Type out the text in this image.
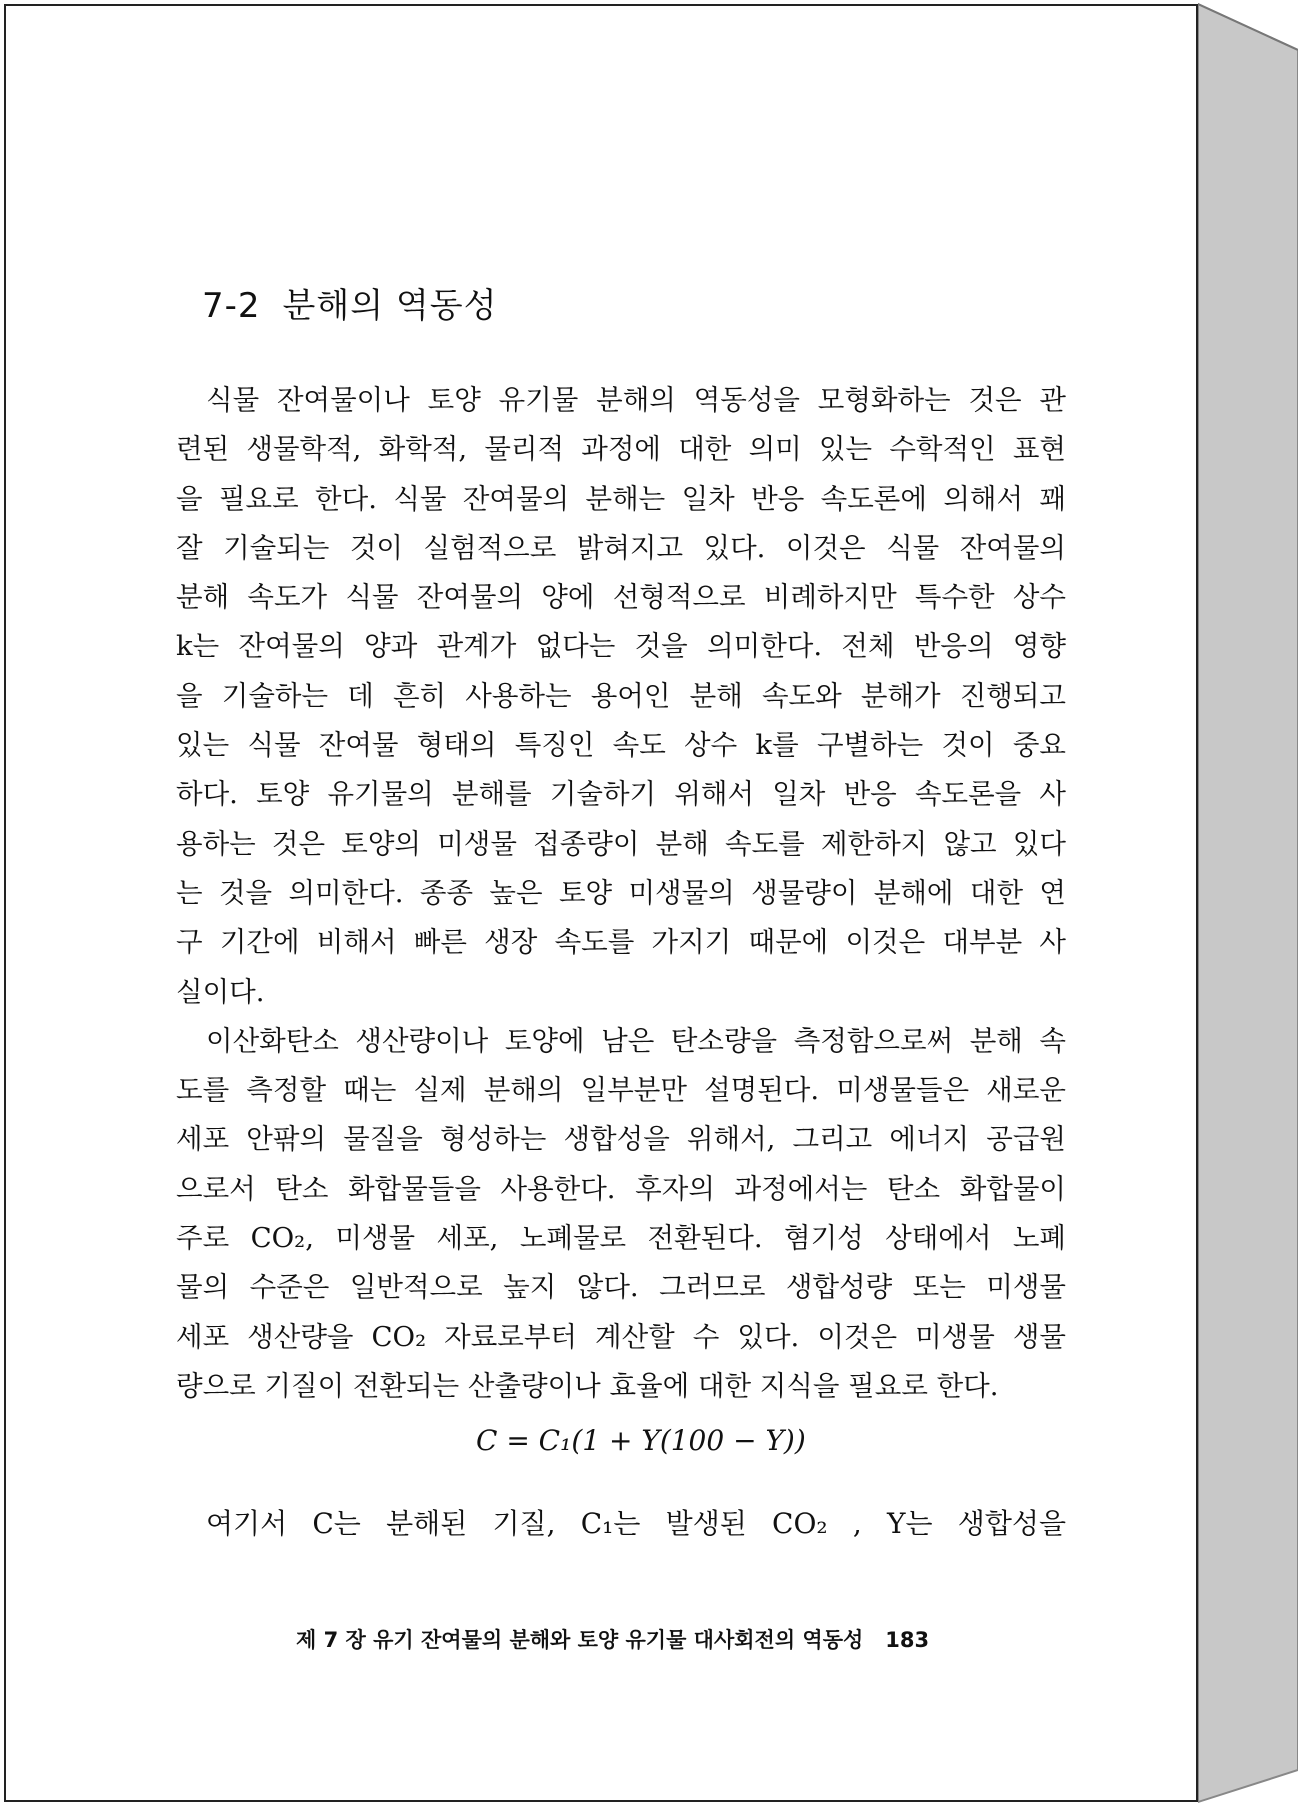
7-2 분해의 역동성
식물 잔여물이나 토양 유기물 분해의 역동성을 모형화하는 것은 관
련된 생물학적, 화학적, 물리적 과정에 대한 의미 있는 수학적인 표현
을 필요로 한다. 식물 잔여물의 분해는 일차 반응 속도론에 의해서 꽤
잘 기술되는 것이 실험적으로 밝혀지고 있다. 이것은 식물 잔여물의
분해 속도가 식물 잔여물의 양에 선형적으로 비례하지만 특수한 상수
k는 잔여물의 양과 관계가 없다는 것을 의미한다. 전체 반응의 영향
을 기술하는 데 흔히 사용하는 용어인 분해 속도와 분해가 진행되고
있는 식물 잔여물 형태의 특징인 속도 상수 k를 구별하는 것이 중요
하다. 토양 유기물의 분해를 기술하기 위해서 일차 반응 속도론을 사
용하는 것은 토양의 미생물 접종량이 분해 속도를 제한하지 않고 있다
는 것을 의미한다. 종종 높은 토양 미생물의 생물량이 분해에 대한 연
구 기간에 비해서 빠른 생장 속도를 가지기 때문에 이것은 대부분 사
실이다.
이산화탄소 생산량이나 토양에 남은 탄소량을 측정함으로써 분해 속
도를 측정할 때는 실제 분해의 일부분만 설명된다. 미생물들은 새로운
세포 안팎의 물질을 형성하는 생합성을 위해서, 그리고 에너지 공급원
으로서 탄소 화합물들을 사용한다. 후자의 과정에서는 탄소 화합물이
주로 CO₂, 미생물 세포, 노폐물로 전환된다. 혐기성 상태에서 노폐
물의 수준은 일반적으로 높지 않다. 그러므로 생합성량 또는 미생물
세포 생산량을 CO₂ 자료로부터 계산할 수 있다. 이것은 미생물 생물
량으로 기질이 전환되는 산출량이나 효율에 대한 지식을 필요로 한다.
C = C₁(1 + Y(100 − Y))
여기서 C는 분해된 기질, C₁는 발생된 CO₂ , Y는 생합성을
제 7 장 유기 잔여물의 분해와 토양 유기물 대사회전의 역동성 183
